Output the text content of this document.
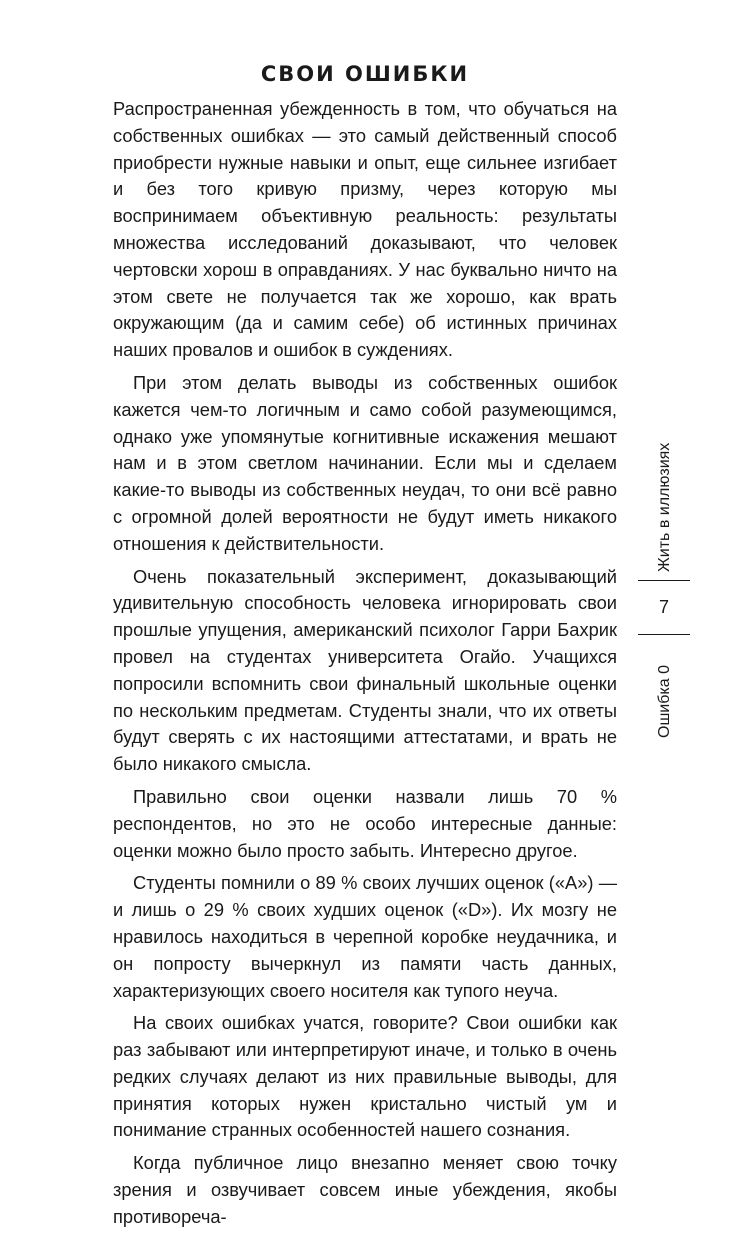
СВОИ ОШИБКИ

Распространенная убежденность в том, что обучаться на собственных ошибках — это самый действенный способ приобрести нужные навыки и опыт, еще сильнее изгибает и без того кривую призму, через которую мы воспринимаем объективную реальность: результаты множества исследований доказывают, что человек чертовски хорош в оправданиях. У нас буквально ничто на этом свете не получается так же хорошо, как врать окружающим (да и самим себе) об истинных причинах наших провалов и ошибок в суждениях.

При этом делать выводы из собственных ошибок кажется чем-то логичным и само собой разумеющимся, однако уже упомянутые когнитивные искажения мешают нам и в этом светлом начинании. Если мы и сделаем какие-то выводы из собственных неудач, то они всё равно с огромной долей вероятности не будут иметь никакого отношения к действительности.

Очень показательный эксперимент, доказывающий удивительную способность человека игнорировать свои прошлые упущения, американский психолог Гарри Бахрик провел на студентах университета Огайо. Учащихся попросили вспомнить свои финальный школьные оценки по нескольким предметам. Студенты знали, что их ответы будут сверять с их настоящими аттестатами, и врать не было никакого смысла.

Правильно свои оценки назвали лишь 70 % респондентов, но это не особо интересные данные: оценки можно было просто забыть. Интересно другое.

Студенты помнили о 89 % своих лучших оценок («A») — и лишь о 29 % своих худших оценок («D»). Их мозгу не нравилось находиться в черепной коробке неудачника, и он попросту вычеркнул из памяти часть данных, характеризующих своего носителя как тупого неуча.

На своих ошибках учатся, говорите? Свои ошибки как раз забывают или интерпретируют иначе, и только в очень редких случаях делают из них правильные выводы, для принятия которых нужен кристально чистый ум и понимание странных особенностей нашего сознания.

Когда публичное лицо внезапно меняет свою точку зрения и озвучивает совсем иные убеждения, якобы противореча-

Жить в иллюзиях
7
Ошибка 0
